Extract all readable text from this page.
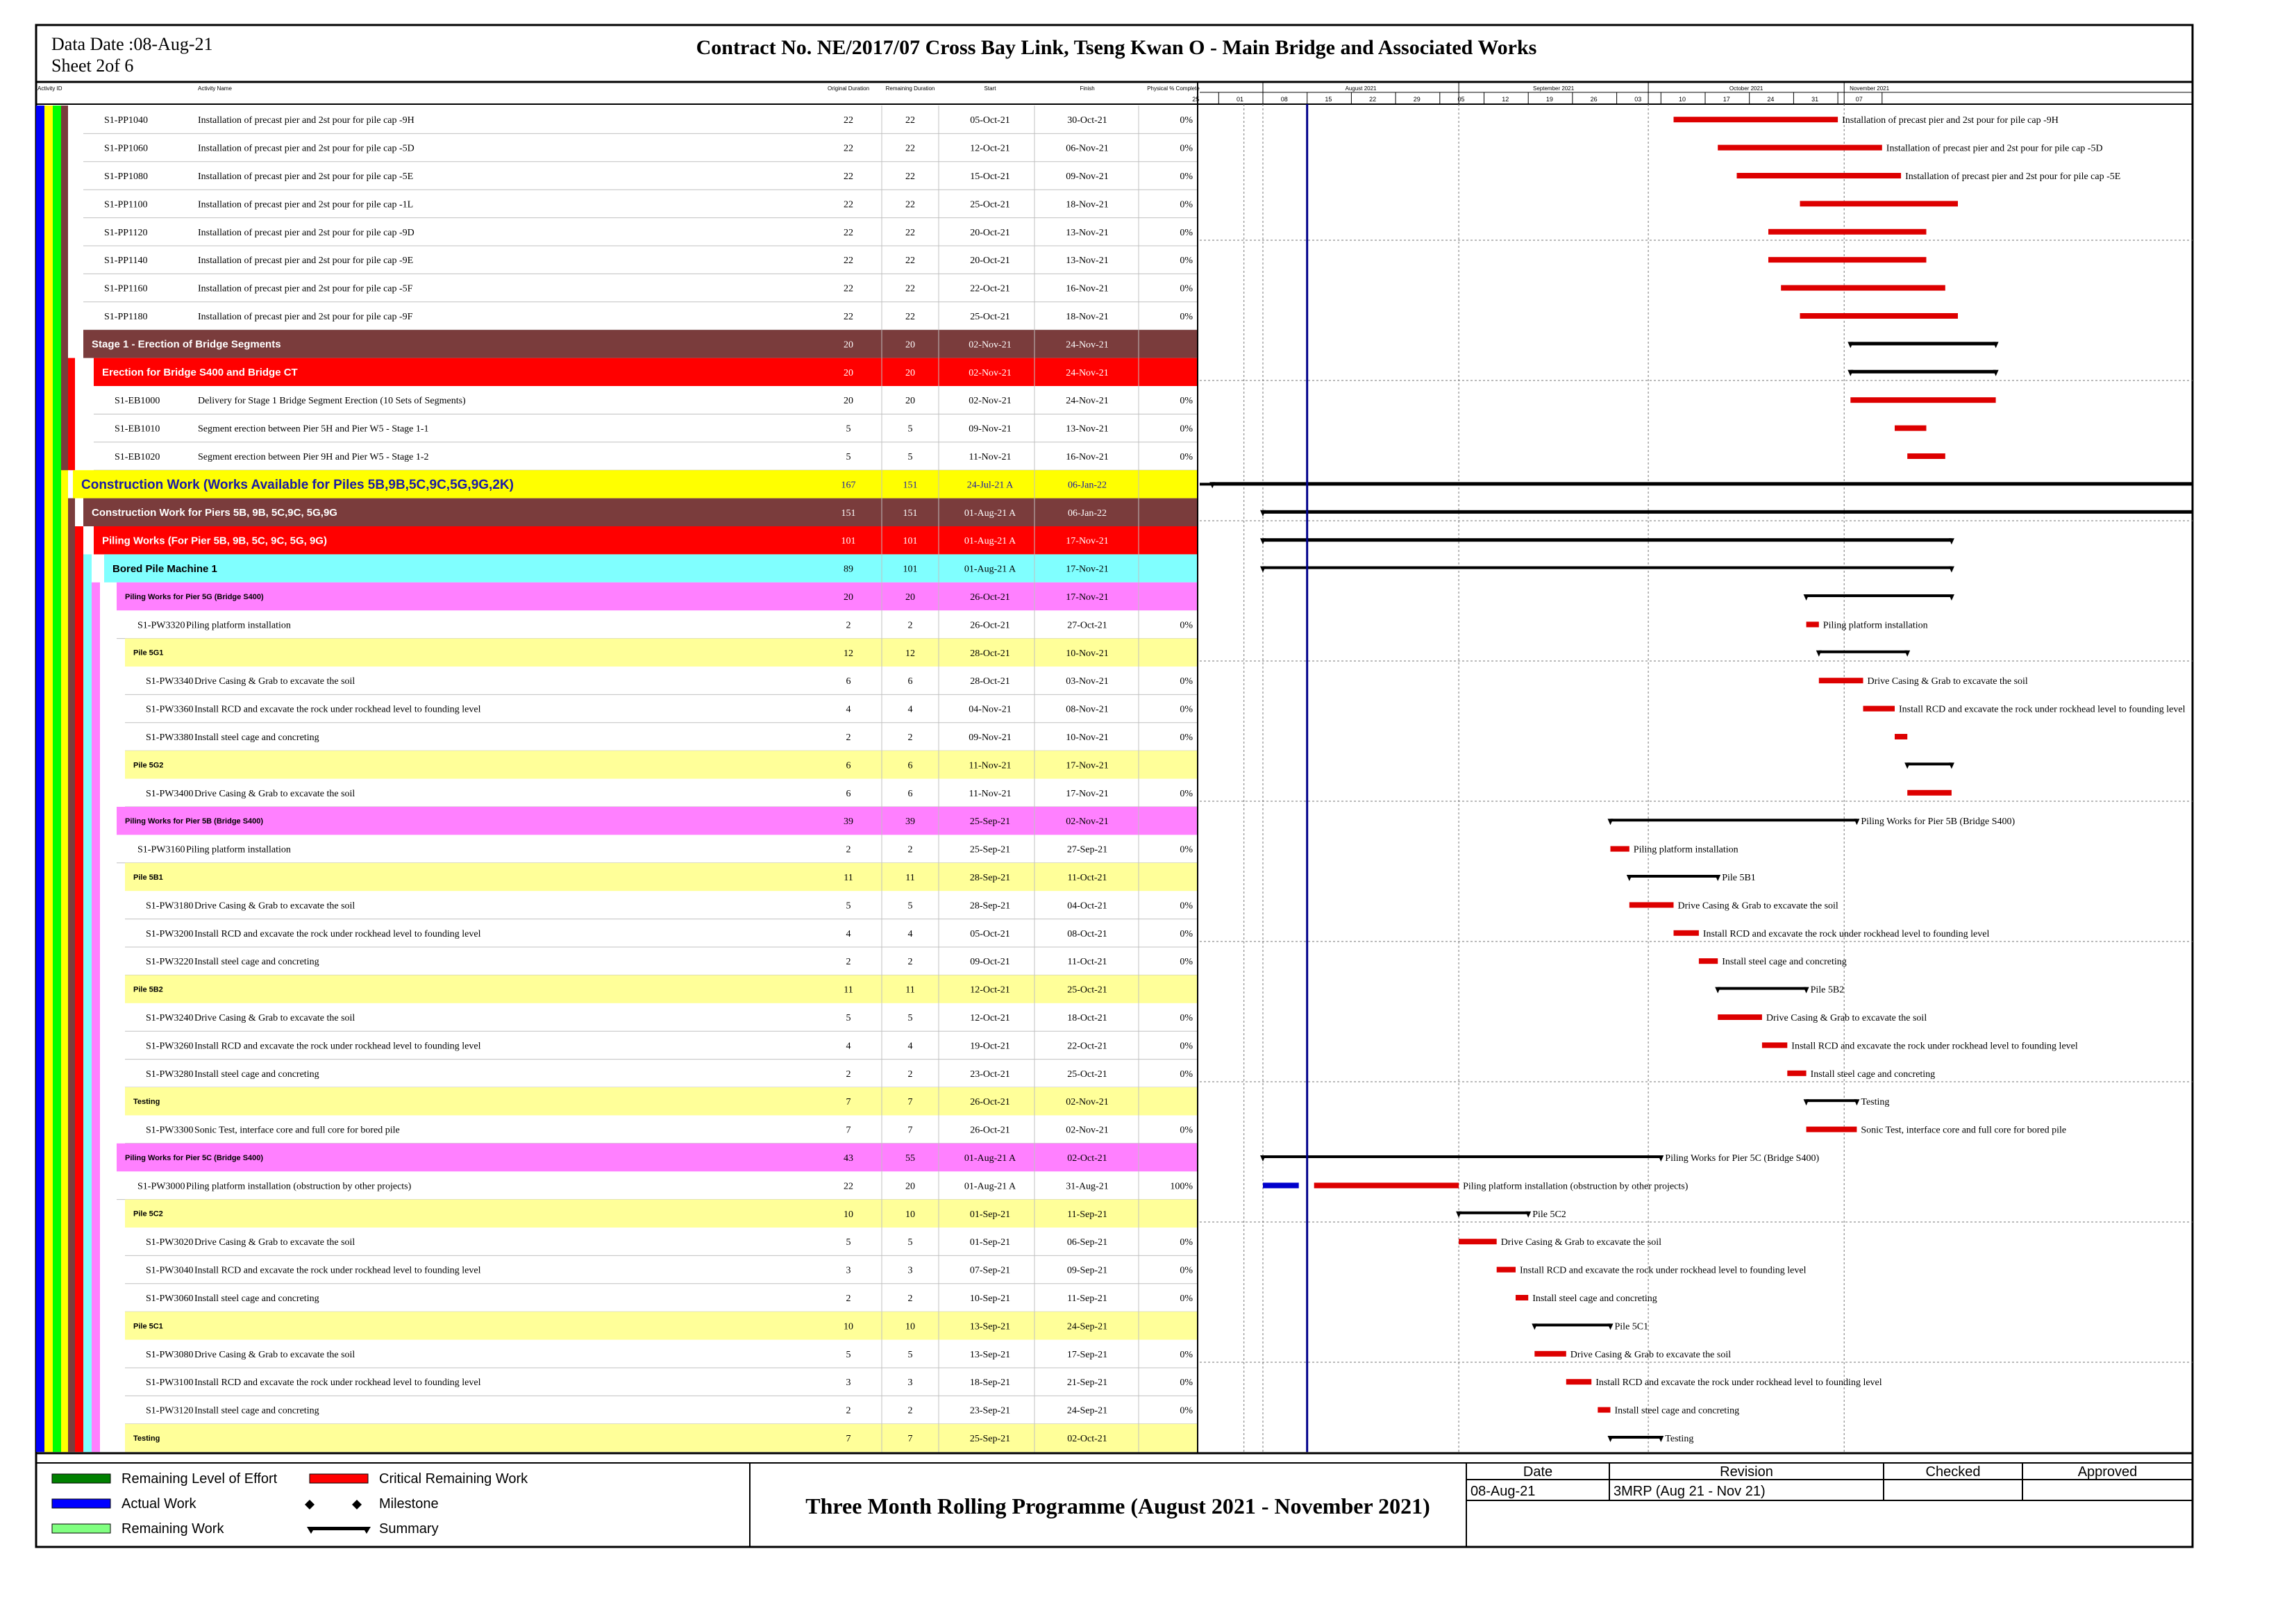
Data Date :08-Aug-21
Sheet 2of 6
Contract No. NE/2017/07 Cross Bay Link, Tseng Kwan O - Main Bridge and Associated Works
Activity ID	Activity Name	Original Duration	Remaining Duration	Start	Finish	Physical % Complete	August 2021	September 2021	October 2021	November 2021
25	01	08	15	22	29	05	12	19	26	03	10	17	24	31	07
S1-PP1040	Installation of precast pier and 2st pour for pile cap -9H	22	22	05-Oct-21	30-Oct-21	0%
S1-PP1060	Installation of precast pier and 2st pour for pile cap -5D	22	22	12-Oct-21	06-Nov-21	0%
S1-PP1080	Installation of precast pier and 2st pour for pile cap -5E	22	22	15-Oct-21	09-Nov-21	0%
S1-PP1100	Installation of precast pier and 2st pour for pile cap -1L	22	22	25-Oct-21	18-Nov-21	0%
S1-PP1120	Installation of precast pier and 2st pour for pile cap -9D	22	22	20-Oct-21	13-Nov-21	0%
S1-PP1140	Installation of precast pier and 2st pour for pile cap -9E	22	22	20-Oct-21	13-Nov-21	0%
S1-PP1160	Installation of precast pier and 2st pour for pile cap -5F	22	22	22-Oct-21	16-Nov-21	0%
S1-PP1180	Installation of precast pier and 2st pour for pile cap -9F	22	22	25-Oct-21	18-Nov-21	0%
Stage 1 - Erection of Bridge Segments	20	20	02-Nov-21	24-Nov-21
Erection for Bridge S400 and Bridge CT	20	20	02-Nov-21	24-Nov-21
S1-EB1000	Delivery for Stage 1 Bridge Segment Erection (10 Sets of Segments)	20	20	02-Nov-21	24-Nov-21	0%
S1-EB1010	Segment erection between Pier 5H and Pier W5 - Stage 1-1	5	5	09-Nov-21	13-Nov-21	0%
S1-EB1020	Segment erection between Pier 9H and Pier W5 - Stage 1-2	5	5	11-Nov-21	16-Nov-21	0%
Construction Work (Works Available for Piles 5B,9B,5C,9C,5G,9G,2K)	167	151	24-Jul-21 A	06-Jan-22
Construction Work for Piers 5B, 9B, 5C,9C, 5G,9G	151	151	01-Aug-21 A	06-Jan-22
Piling Works (For Pier 5B, 9B, 5C, 9C, 5G, 9G)	101	101	01-Aug-21 A	17-Nov-21
Bored Pile Machine 1	89	101	01-Aug-21 A	17-Nov-21
Piling Works for Pier 5G (Bridge S400)	20	20	26-Oct-21	17-Nov-21
S1-PW3320 Piling platform installation	2	2	26-Oct-21	27-Oct-21	0%
Pile 5G1	12	12	28-Oct-21	10-Nov-21
S1-PW3340 Drive Casing & Grab to excavate the soil	6	6	28-Oct-21	03-Nov-21	0%
S1-PW3360 Install RCD and excavate the rock under rockhead level to founding level	4	4	04-Nov-21	08-Nov-21	0%
S1-PW3380 Install steel cage and concreting	2	2	09-Nov-21	10-Nov-21	0%
Pile 5G2	6	6	11-Nov-21	17-Nov-21
S1-PW3400 Drive Casing & Grab to excavate the soil	6	6	11-Nov-21	17-Nov-21	0%
Piling Works for Pier 5B (Bridge S400)	39	39	25-Sep-21	02-Nov-21
S1-PW3160 Piling platform installation	2	2	25-Sep-21	27-Sep-21	0%
Pile 5B1	11	11	28-Sep-21	11-Oct-21
S1-PW3180 Drive Casing & Grab to excavate the soil	5	5	28-Sep-21	04-Oct-21	0%
S1-PW3200 Install RCD and excavate the rock under rockhead level to founding level	4	4	05-Oct-21	08-Oct-21	0%
S1-PW3220 Install steel cage and concreting	2	2	09-Oct-21	11-Oct-21	0%
Pile 5B2	11	11	12-Oct-21	25-Oct-21
S1-PW3240 Drive Casing & Grab to excavate the soil	5	5	12-Oct-21	18-Oct-21	0%
S1-PW3260 Install RCD and excavate the rock under rockhead level to founding level	4	4	19-Oct-21	22-Oct-21	0%
S1-PW3280 Install steel cage and concreting	2	2	23-Oct-21	25-Oct-21	0%
Testing	7	7	26-Oct-21	02-Nov-21
S1-PW3300 Sonic Test, interface core and full core for bored pile	7	7	26-Oct-21	02-Nov-21	0%
Piling Works for Pier 5C (Bridge S400)	43	55	01-Aug-21 A	02-Oct-21
S1-PW3000 Piling platform installation (obstruction by other projects)	22	20	01-Aug-21 A	31-Aug-21	100%
Pile 5C2	10	10	01-Sep-21	11-Sep-21
S1-PW3020 Drive Casing & Grab to excavate the soil	5	5	01-Sep-21	06-Sep-21	0%
S1-PW3040 Install RCD and excavate the rock under rockhead level to founding level	3	3	07-Sep-21	09-Sep-21	0%
S1-PW3060 Install steel cage and concreting	2	2	10-Sep-21	11-Sep-21	0%
Pile 5C1	10	10	13-Sep-21	24-Sep-21
S1-PW3080 Drive Casing & Grab to excavate the soil	5	5	13-Sep-21	17-Sep-21	0%
S1-PW3100 Install RCD and excavate the rock under rockhead level to founding level	3	3	18-Sep-21	21-Sep-21	0%
S1-PW3120 Install steel cage and concreting	2	2	23-Sep-21	24-Sep-21	0%
Testing	7	7	25-Sep-21	02-Oct-21
Installation of precast pier and 2st pour for pile cap -9H
Installation of precast pier and 2st pour for pile cap -5D
Installation of precast pier and 2st pour for pile cap -5E
Piling platform installation
Drive Casing & Grab to excavate the soil
Install RCD and excavate the rock under rockhead level to founding level
Piling Works for Pier 5B (Bridge S400)
Piling platform installation
Pile 5B1
Drive Casing & Grab to excavate the soil
Install RCD and excavate the rock under rockhead level to founding level
Install steel cage and concreting
Pile 5B2
Drive Casing & Grab to excavate the soil
Install RCD and excavate the rock under rockhead level to founding level
Install steel cage and concreting
Testing
Sonic Test, interface core and full core for bored pile
Piling Works for Pier 5C (Bridge S400)
Piling platform installation (obstruction by other projects)
Pile 5C2
Drive Casing & Grab to excavate the soil
Install RCD and excavate the rock under rockhead level to founding level
Install steel cage and concreting
Pile 5C1
Drive Casing & Grab to excavate the soil
Install RCD and excavate the rock under rockhead level to founding level
Install steel cage and concreting
Testing
Remaining Level of Effort
Actual Work
Remaining Work
Critical Remaining Work
Milestone
Summary
Three Month Rolling Programme (August 2021 - November 2021)
Date	Revision	Checked	Approved
08-Aug-21	3MRP (Aug 21 - Nov 21)
